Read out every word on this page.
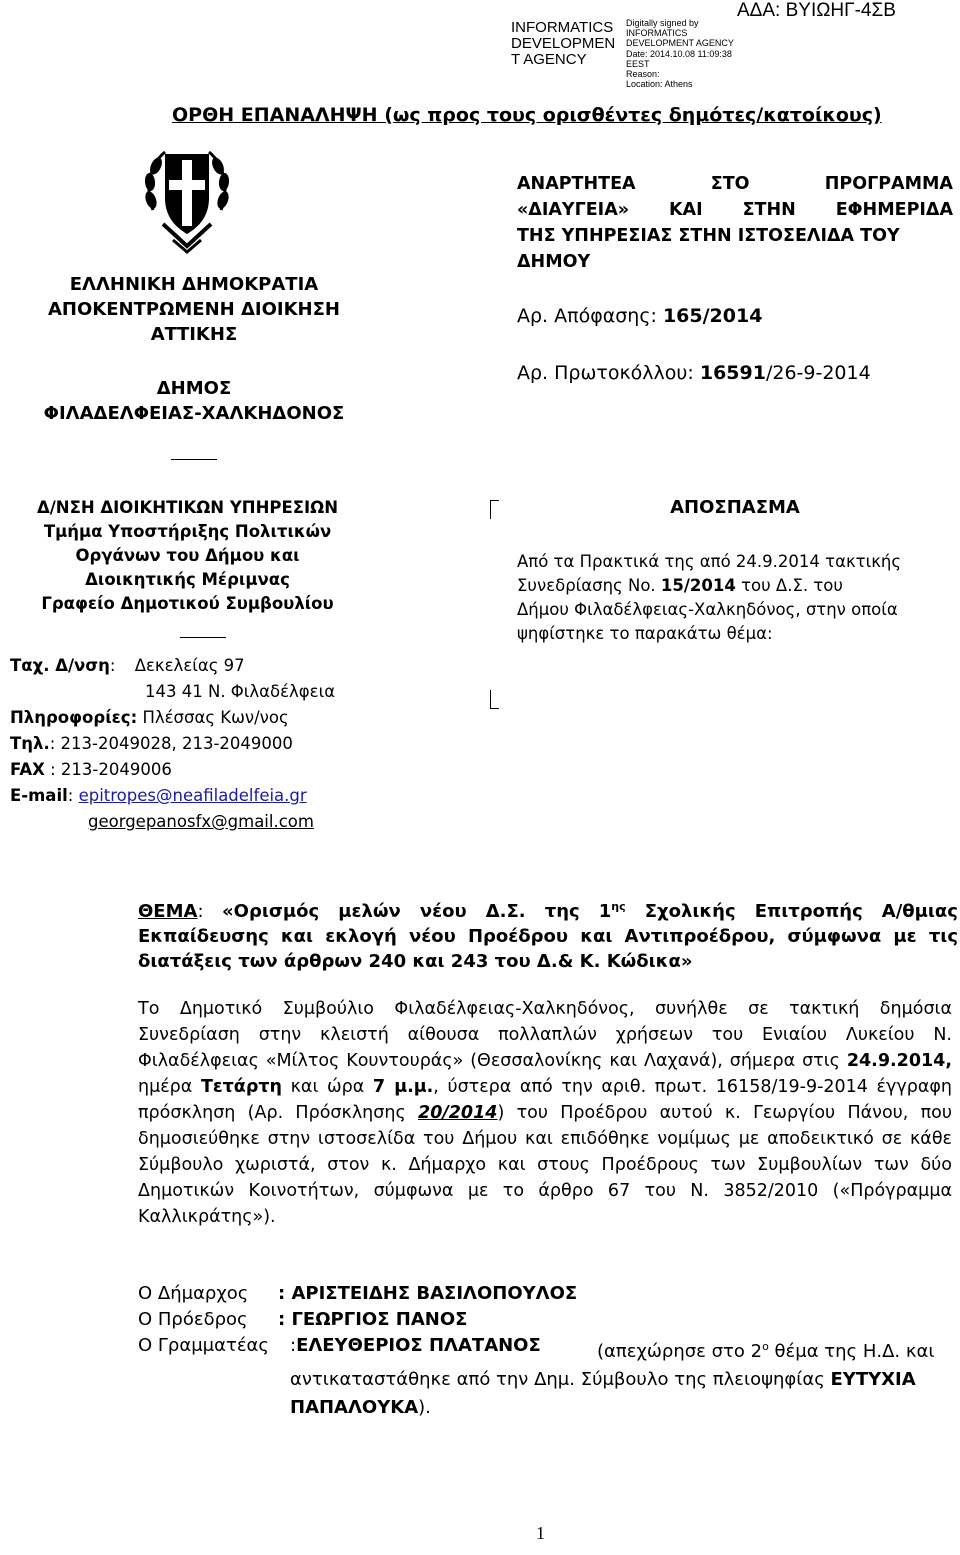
INFORMATICS
DEVELOPMEN
T AGENCY
Digitally signed by
INFORMATICS
DEVELOPMENT AGENCY
Date: 2014.10.08 11:09:38
EEST
Reason:
Location: Athens
ΑΔΑ: ΒΥΙΩΗΓ-4ΣΒ
ΟΡΘΗ ΕΠΑΝΑΛΗΨΗ (ως προς τους ορισθέντες δημότες/κατοίκους)
ΕΛΛΗΝΙΚΗ ΔΗΜΟΚΡΑΤΙΑ
ΑΠΟΚΕΝΤΡΩΜΕΝΗ ΔΙΟΙΚΗΣΗ
ΑΤΤΙΚΗΣ
ΔΗΜΟΣ
ΦΙΛΑΔΕΛΦΕΙΑΣ-ΧΑΛΚΗΔΟΝΟΣ
ΑΝΑΡΤΗΤΕΑ	ΣΤΟ	ΠΡΟΓΡΑΜΜΑ
«ΔΙΑΥΓΕΙΑ» ΚΑΙ ΣΤΗΝ ΕΦΗΜΕΡΙΔΑ
ΤΗΣ ΥΠΗΡΕΣΙΑΣ ΣΤΗΝ ΙΣΤΟΣΕΛΙΔΑ ΤΟΥ
ΔΗΜΟΥ
Αρ. Απόφασης: 165/2014
Αρ. Πρωτοκόλλου: 16591/26-9-2014
Δ/ΝΣΗ ΔΙΟΙΚΗΤΙΚΩΝ ΥΠΗΡΕΣΙΩΝ
Τμήμα Υποστήριξης Πολιτικών
Οργάνων του Δήμου και
Διοικητικής Μέριμνας
Γραφείο Δημοτικού Συμβουλίου
Ταχ. Δ/νση: Δεκελείας 97
143 41 Ν. Φιλαδέλφεια
Πληροφορίες: Πλέσσας Κων/νος
Τηλ.: 213-2049028, 213-2049000
FAX : 213-2049006
E-mail: epitropes@neafiladelfeia.gr
georgepanosfx@gmail.com
ΑΠΟΣΠΑΣΜΑ
Από τα Πρακτικά της από 24.9.2014 τακτικής
Συνεδρίασης Νο. 15/2014 του Δ.Σ. του
Δήμου Φιλαδέλφειας-Χαλκηδόνος, στην οποία
ψηφίστηκε το παρακάτω θέμα:
ΘΕΜΑ: «Ορισμός μελών νέου Δ.Σ. της $1^{\eta\varsigma}$ Σχολικής Επιτροπής Α/θμιας Εκπαίδευσης και εκλογή νέου Προέδρου και Αντιπροέδρου, σύμφωνα με τις διατάξεις των άρθρων 240 και 243 του Δ.& Κ. Κώδικα»
Το Δημοτικό Συμβούλιο Φιλαδέλφειας-Χαλκηδόνος, συνήλθε σε τακτική δημόσια Συνεδρίαση στην κλειστή αίθουσα πολλαπλών χρήσεων του Ενιαίου Λυκείου Ν. Φιλαδέλφειας «Μίλτος Κουντουράς» (Θεσσαλονίκης και Λαχανά), σήμερα στις 24.9.2014, ημέρα Τετάρτη και ώρα 7 μ.μ., ύστερα από την αριθ. πρωτ. 16158/19-9-2014 έγγραφη πρόσκληση (Αρ. Πρόσκλησης 20/2014) του Προέδρου αυτού κ. Γεωργίου Πάνου, που δημοσιεύθηκε στην ιστοσελίδα του Δήμου και επιδόθηκε νομίμως με αποδεικτικό σε κάθε Σύμβουλο χωριστά, στον κ. Δήμαρχο και στους Προέδρους των Συμβουλίων των δύο Δημοτικών Κοινοτήτων, σύμφωνα με το άρθρο 67 του Ν. 3852/2010 («Πρόγραμμα Καλλικράτης»).
Ο Δήμαρχος : ΑΡΙΣΤΕΙΔΗΣ ΒΑΣΙΛΟΠΟΥΛΟΣ
Ο Πρόεδρος : ΓΕΩΡΓΙΟΣ ΠΑΝΟΣ
Ο Γραμματέας :ΕΛΕΥΘΕΡΙΟΣ ΠΛΑΤΑΝΟΣ	(απεχώρησε στο $2^o$ θέμα της Η.Δ. και αντικαταστάθηκε από την Δημ. Σύμβουλο της πλειοψηφίας ΕΥΤΥΧΙΑ ΠΑΠΑΛΟΥΚΑ).
1
